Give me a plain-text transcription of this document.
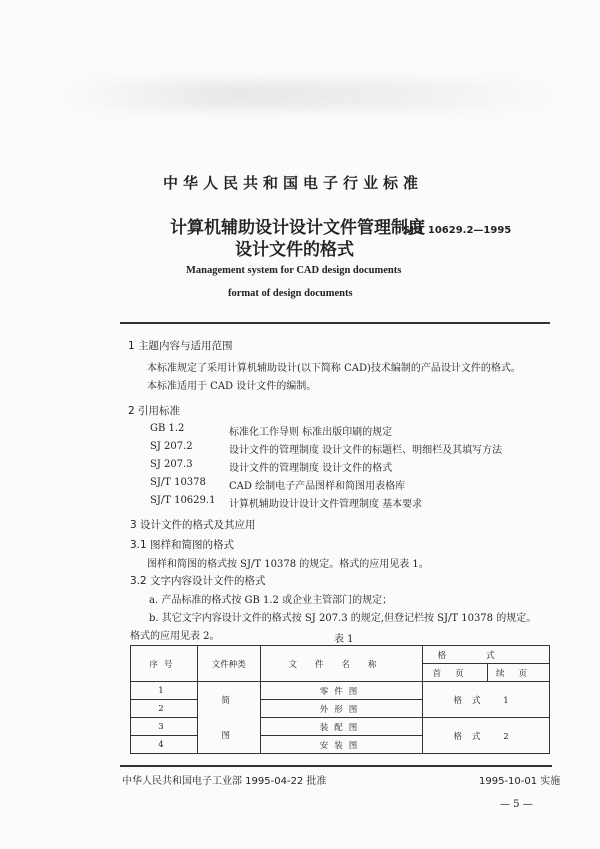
中华人民共和国电子行业标准
计算机辅助设计设计文件管理制度
设计文件的格式
SJ/T 10629.2—1995
Management system for CAD design documents
format of design documents
1 主题内容与适用范围
本标准规定了采用计算机辅助设计(以下简称 CAD)技术编制的产品设计文件的格式。
本标准适用于 CAD 设计文件的编制。
2 引用标准
GB 1.2	标准化工作导则 标准出版印刷的规定
SJ 207.2	设计文件的管理制度 设计文件的标题栏、明细栏及其填写方法
SJ 207.3	设计文件的管理制度 设计文件的格式
SJ/T 10378 CAD 绘制电子产品图样和简图用表格库
SJ/T 10629.1 计算机辅助设计设计文件管理制度 基本要求
3 设计文件的格式及其应用
3.1 图样和简图的格式
图样和简图的格式按 SJ/T 10378 的规定。格式的应用见表 1。
3.2 文字内容设计文件的格式
a. 产品标准的格式按 GB 1.2 或企业主管部门的规定；
b. 其它文字内容设计文件的格式按 SJ 207.3 的规定,但登记栏按 SJ/T 10378 的规定。
格式的应用见表 2。	表 1
序号	文件种类	文件名称	格式	
			首页	续页
1	简	零件图	格式 1	
2		外形图		
3	图	装配图	格式 2	
4		安装图		
中华人民共和国电子工业部 1995-04-22 批准	1995-10-01 实施
— 5 —
